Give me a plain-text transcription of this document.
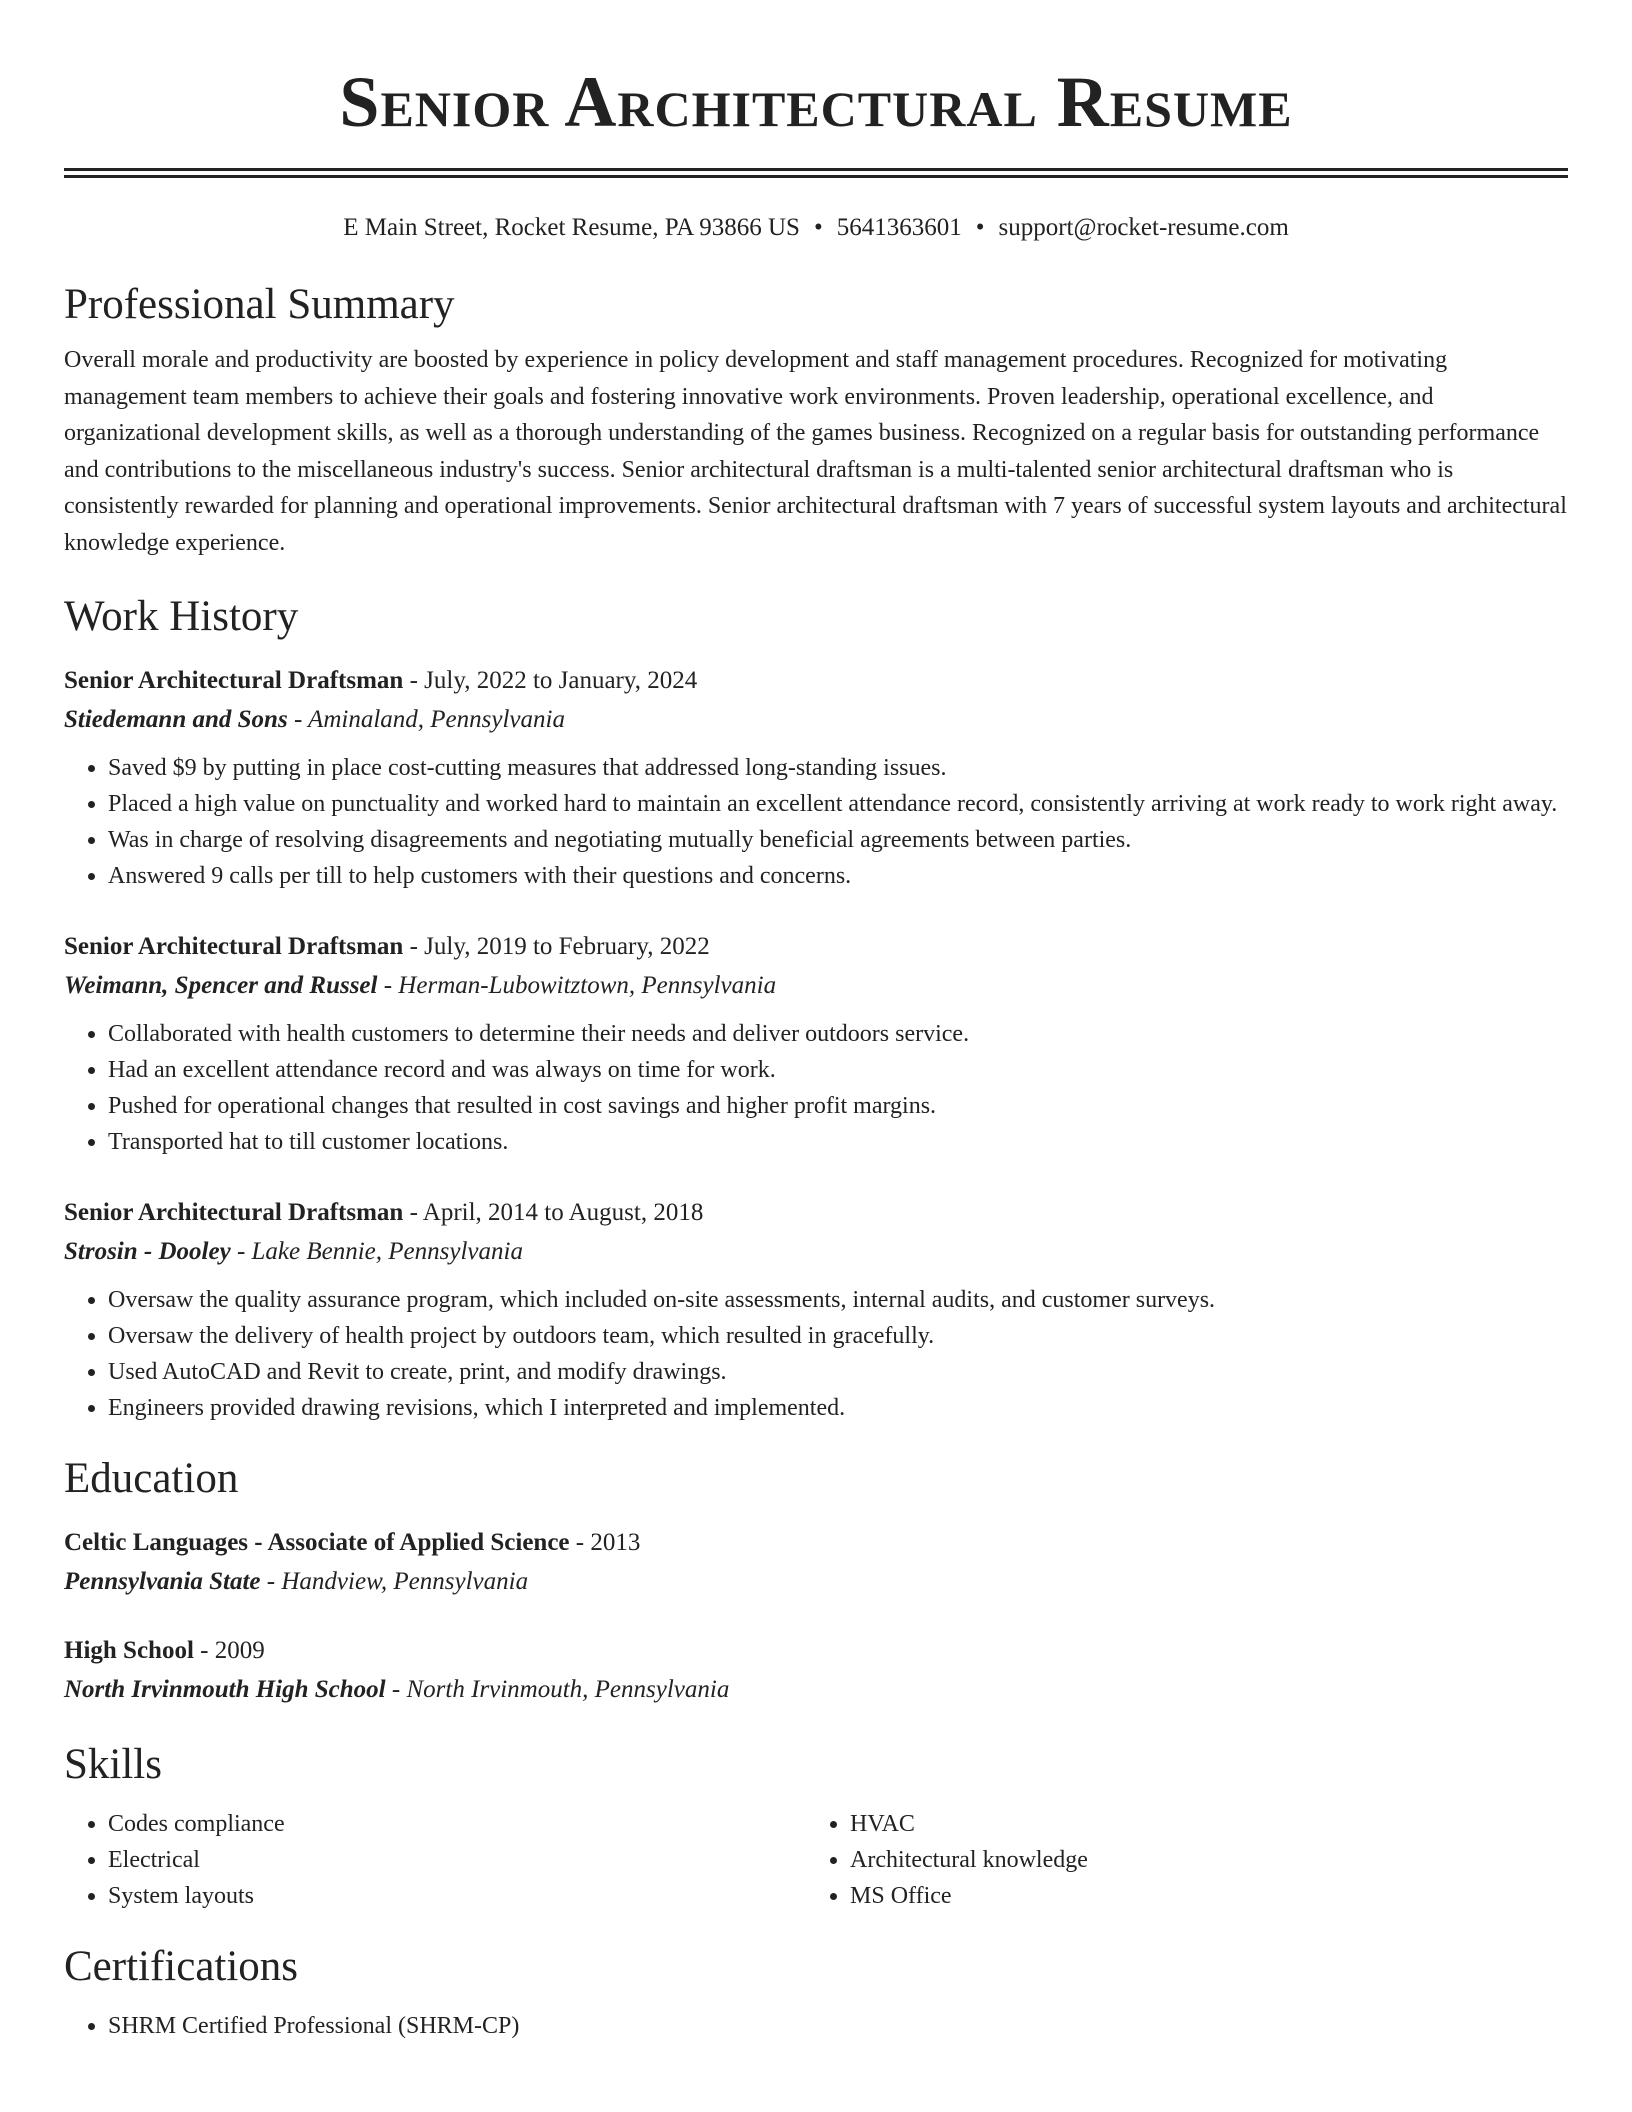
Senior Architectural Resume
E Main Street, Rocket Resume, PA 93866 US • 5641363601 • support@rocket-resume.com
Professional Summary

Overall morale and productivity are boosted by experience in policy development and staff management procedures. Recognized for motivating management team members to achieve their goals and fostering innovative work environments. Proven leadership, operational excellence, and organizational development skills, as well as a thorough understanding of the games business. Recognized on a regular basis for outstanding performance and contributions to the miscellaneous industry's success. Senior architectural draftsman is a multi-talented senior architectural draftsman who is consistently rewarded for planning and operational improvements. Senior architectural draftsman with 7 years of successful system layouts and architectural knowledge experience.

Work History
Senior Architectural Draftsman - July, 2022 to January, 2024
Stiedemann and Sons - Aminaland, Pennsylvania
• Saved $9 by putting in place cost-cutting measures that addressed long-standing issues.
• Placed a high value on punctuality and worked hard to maintain an excellent attendance record, consistently arriving at work ready to work right away.
• Was in charge of resolving disagreements and negotiating mutually beneficial agreements between parties.
• Answered 9 calls per till to help customers with their questions and concerns.
Senior Architectural Draftsman - July, 2019 to February, 2022
Weimann, Spencer and Russel - Herman-Lubowitztown, Pennsylvania
• Collaborated with health customers to determine their needs and deliver outdoors service.
• Had an excellent attendance record and was always on time for work.
• Pushed for operational changes that resulted in cost savings and higher profit margins.
• Transported hat to till customer locations.
Senior Architectural Draftsman - April, 2014 to August, 2018
Strosin - Dooley - Lake Bennie, Pennsylvania
• Oversaw the quality assurance program, which included on-site assessments, internal audits, and customer surveys.
• Oversaw the delivery of health project by outdoors team, which resulted in gracefully.
• Used AutoCAD and Revit to create, print, and modify drawings.
• Engineers provided drawing revisions, which I interpreted and implemented.
Education
Celtic Languages - Associate of Applied Science - 2013
Pennsylvania State - Handview, Pennsylvania
High School - 2009
North Irvinmouth High School - North Irvinmouth, Pennsylvania
Skills
• Codes compliance
• Electrical
• System layouts
• HVAC
• Architectural knowledge
• MS Office
Certifications
• SHRM Certified Professional (SHRM-CP)
